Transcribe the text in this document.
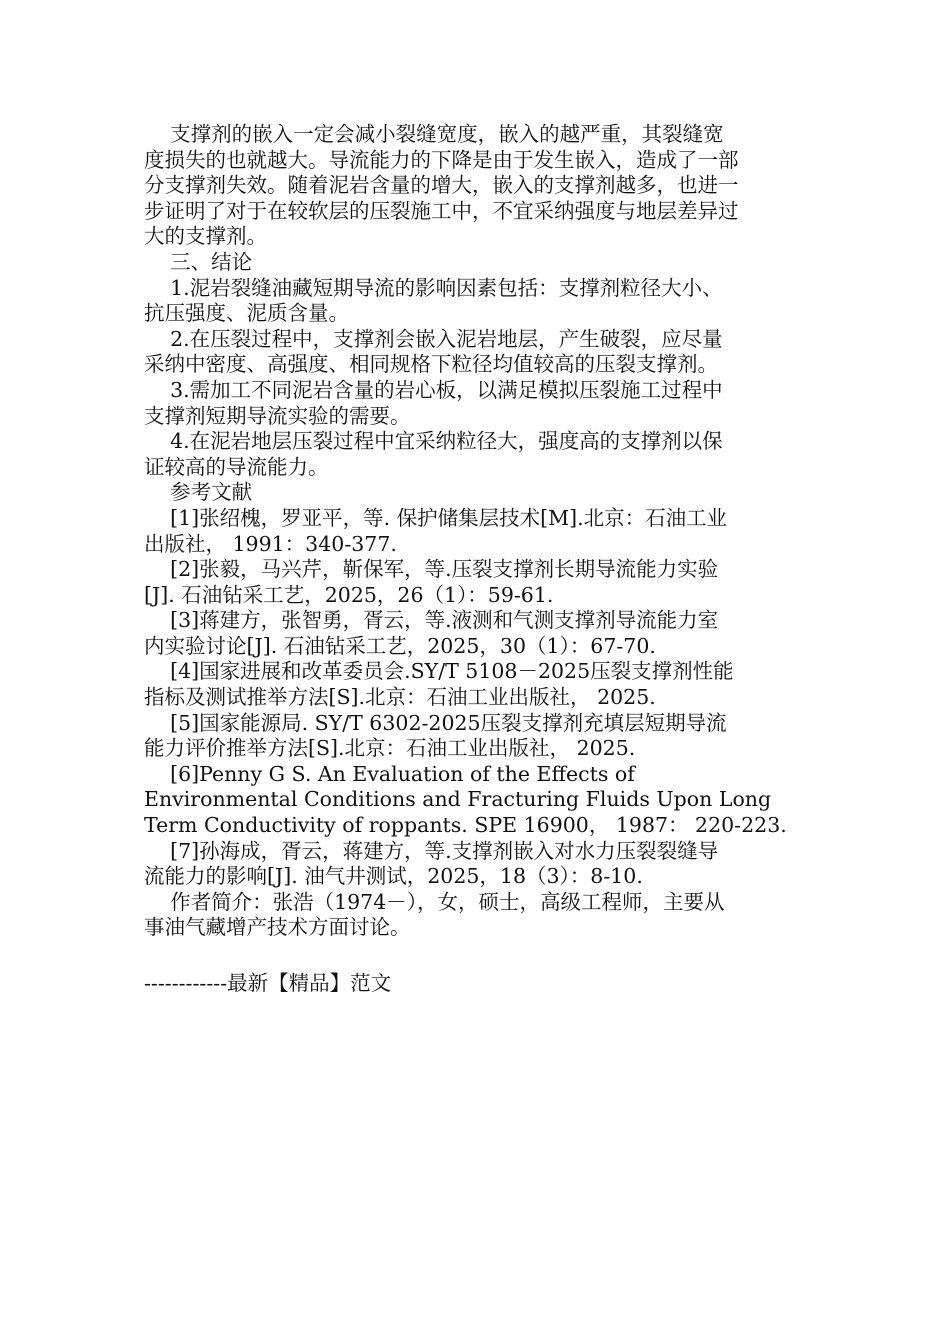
支撑剂的嵌入一定会减小裂缝宽度，嵌入的越严重，其裂缝宽
度损失的也就越大。导流能力的下降是由于发生嵌入，造成了一部
分支撑剂失效。随着泥岩含量的增大，嵌入的支撑剂越多，也进一
步证明了对于在较软层的压裂施工中，不宜采纳强度与地层差异过
大的支撑剂。
三、结论
1.泥岩裂缝油藏短期导流的影响因素包括：支撑剂粒径大小、
抗压强度、泥质含量。
2.在压裂过程中，支撑剂会嵌入泥岩地层，产生破裂，应尽量
采纳中密度、高强度、相同规格下粒径均值较高的压裂支撑剂。
3.需加工不同泥岩含量的岩心板，以满足模拟压裂施工过程中
支撑剂短期导流实验的需要。
4.在泥岩地层压裂过程中宜采纳粒径大，强度高的支撑剂以保
证较高的导流能力。
参考文献
[1]张绍槐，罗亚平，等. 保护储集层技术[M].北京：石油工业
出版社， 1991：340-377.
[2]张毅，马兴芹，靳保军，等.压裂支撑剂长期导流能力实验
[J]. 石油钻采工艺，2025，26（1）：59-61.
[3]蒋建方，张智勇，胥云，等.液测和气测支撑剂导流能力室
内实验讨论[J]. 石油钻采工艺，2025，30（1）：67-70.
[4]国家进展和改革委员会.SY/T 5108－2025压裂支撑剂性能
指标及测试推举方法[S].北京：石油工业出版社， 2025.
[5]国家能源局. SY/T 6302-2025压裂支撑剂充填层短期导流
能力评价推举方法[S].北京：石油工业出版社， 2025.
[6]Penny G S. An Evaluation of the Effects of
Environmental Conditions and Fracturing Fluids Upon Long
Term Conductivity of roppants. SPE 16900， 1987： 220-223.
[7]孙海成，胥云，蒋建方，等.支撑剂嵌入对水力压裂裂缝导
流能力的影响[J]. 油气井测试，2025，18（3）：8-10.
作者简介：张浩（1974－），女，硕士，高级工程师，主要从
事油气藏增产技术方面讨论。
------------最新【精品】范文
